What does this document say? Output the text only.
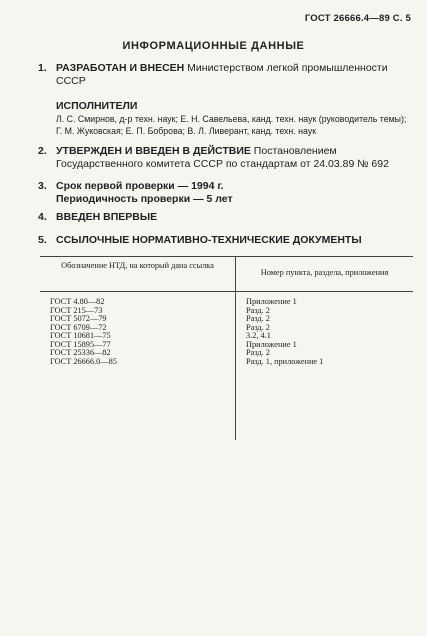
ГОСТ 26666.4—89 С. 5
ИНФОРМАЦИОННЫЕ ДАННЫЕ
1. РАЗРАБОТАН И ВНЕСЕН Министерством легкой промышленности СССР
ИСПОЛНИТЕЛИ
Л. С. Смирнов, д-р техн. наук; Е. Н. Савельева, канд. техн. наук (руководитель темы); Г. М. Жуковская; Е. П. Боброва; В. Л. Ливерант, канд. техн. наук
2. УТВЕРЖДЕН И ВВЕДЕН В ДЕЙСТВИЕ Постановлением Государственного комитета СССР по стандартам от 24.03.89 № 692
3. Срок первой проверки — 1994 г.
Периодичность проверки — 5 лет
4. ВВЕДЕН ВПЕРВЫЕ
5. ССЫЛОЧНЫЕ НОРМАТИВНО-ТЕХНИЧЕСКИЕ ДОКУМЕНТЫ
Обозначение НТД, на который дана ссылка
Номер пункта, раздела, приложения
ГОСТ 4.80—82
ГОСТ 215—73
ГОСТ 5072—79
ГОСТ 6709—72
ГОСТ 10681—75
ГОСТ 15895—77
ГОСТ 25336—82
ГОСТ 26666.0—85
Приложение 1
Разд. 2
Разд. 2
Разд. 2
3.2, 4.1
Приложение 1
Разд. 2
Разд. 1, приложение 1
